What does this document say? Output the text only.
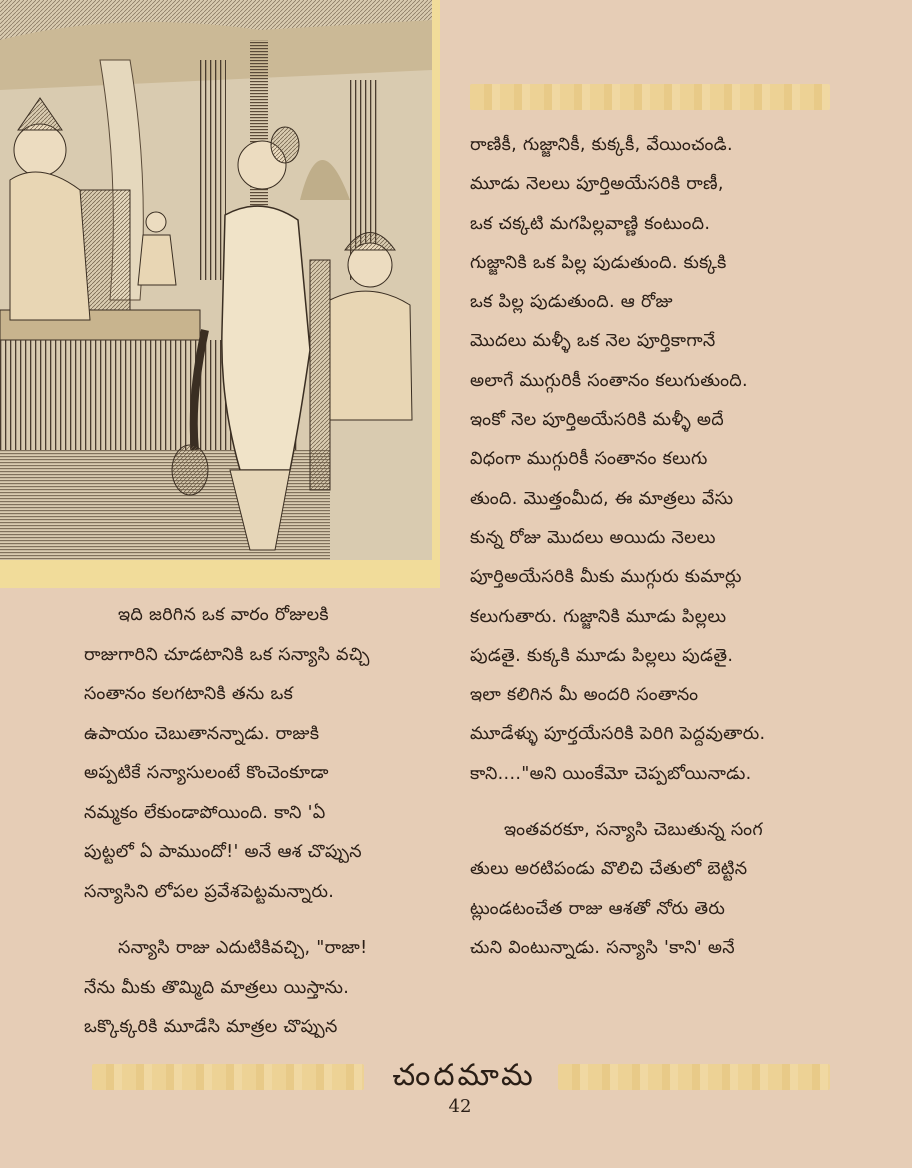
ఇది జరిగిన ఒక వారం రోజులకి

రాజుగారిని చూడటానికి ఒక సన్యాసి వచ్చి

సంతానం కలగటానికి తను ఒక

ఉపాయం చెబుతానన్నాడు. రాజుకి

అప్పటికే సన్యాసులంటే కొంచెంకూడా

నమ్మకం లేకుండాపోయింది. కాని 'ఏ

పుట్టలో ఏ పాముందో!' అనే ఆశ చొప్పున

సన్యాసిని లోపల ప్రవేశపెట్టమన్నారు.

సన్యాసి రాజు ఎదుటికివచ్చి, "రాజా!

నేను మీకు తొమ్మిది మాత్రలు యిస్తాను.

ఒక్కొక్కరికి మూడేసి మాత్రల చొప్పున

రాణికీ, గుజ్జానికీ, కుక్కకీ, వేయించండి.

మూడు నెలలు పూర్తిఅయేసరికి రాణీ,

ఒక చక్కటి మగపిల్లవాణ్ణి కంటుంది.

గుజ్జానికి ఒక పిల్ల పుడుతుంది. కుక్కకి

ఒక పిల్ల పుడుతుంది. ఆ రోజు

మొదలు మళ్ళీ ఒక నెల పూర్తికాగానే

అలాగే ముగ్గురికీ సంతానం కలుగుతుంది.

ఇంకో నెల పూర్తిఅయేసరికి మళ్ళీ అదే

విధంగా ముగ్గురికీ సంతానం కలుగు

తుంది. మొత్తంమీద, ఈ మాత్రలు వేసు

కున్న రోజు మొదలు అయిదు నెలలు

పూర్తిఅయేసరికి మీకు ముగ్గురు కుమార్లు

కలుగుతారు. గుజ్జానికి మూడు పిల్లలు

పుడతై. కుక్కకి మూడు పిల్లలు పుడతై.

ఇలా కలిగిన మీ అందరి సంతానం

మూడేళ్ళు పూర్తయేసరికి పెరిగి పెద్దవుతారు.

కాని...."అని యింకేమో చెప్పబోయినాడు.

ఇంతవరకూ, సన్యాసి చెబుతున్న సంగ

తులు అరటిపండు వొలిచి చేతులో బెట్టిన

ట్లుండటంచేత రాజు ఆశతో నోరు తెరు

చుని వింటున్నాడు. సన్యాసి 'కాని' అనే

చందమామ
42
